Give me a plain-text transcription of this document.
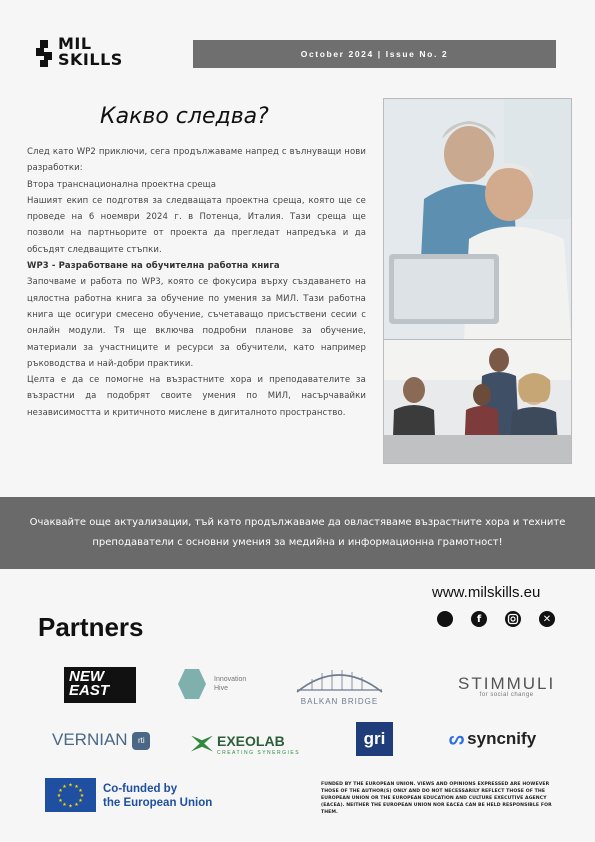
MIL
SKILLS	October 2024 | Issue No. 2
Какво следва?

След като WP2 приключи, сега продължаваме напред с вълнуващи нови разработки:

Втора транснационална проектна среща

Нашият екип се подготвя за следващата проектна среща, която ще се проведе на 6 ноември 2024 г. в Потенца, Италия. Тази среща ще позволи на партньорите от проекта да прегледат напредъка и да обсъдят следващите стъпки.

WP3 - Разработване на обучителна работна книга

Започваме и работа по WP3, която се фокусира върху създаването на цялостна работна книга за обучение по умения за МИЛ. Тази работна книга ще осигури смесено обучение, съчетаващо присъствени сесии с онлайн модули. Тя ще включва подробни планове за обучение, материали за участниците и ресурси за обучители, като например ръководства и най-добри практики.

Целта е да се помогне на възрастните хора и преподавателите за възрастни да подобрят своите умения по МИЛ, насърчавайки независимостта и критичното мислене в дигиталното пространство.

Очаквайте още актуализации, тъй като продължаваме да овластяваме възрастните хора и техните преподаватели с основни умения за медийна и информационна грамотност!
www.milskills.eu
f	✕
Partners
NEW EAST
Innovation
Hive
BALKAN BRIDGE
STIMMULI
for social change
VERNIAN rti	EXEOLAB
CREATING SYNERGIES
gri	ᔕ syncnify
★ ★
★
★
★
★
★
★
★
★
★
★	Co-funded by
the European Union
FUNDED BY THE EUROPEAN UNION. VIEWS AND OPINIONS EXPRESSED ARE HOWEVER THOSE OF THE AUTHOR(S) ONLY AND DO NOT NECESSARILY REFLECT THOSE OF THE EUROPEAN UNION OR THE EUROPEAN EDUCATION AND CULTURE EXECUTIVE AGENCY (EACEA). NEITHER THE EUROPEAN UNION NOR EACEA CAN BE HELD RESPONSIBLE FOR THEM.
